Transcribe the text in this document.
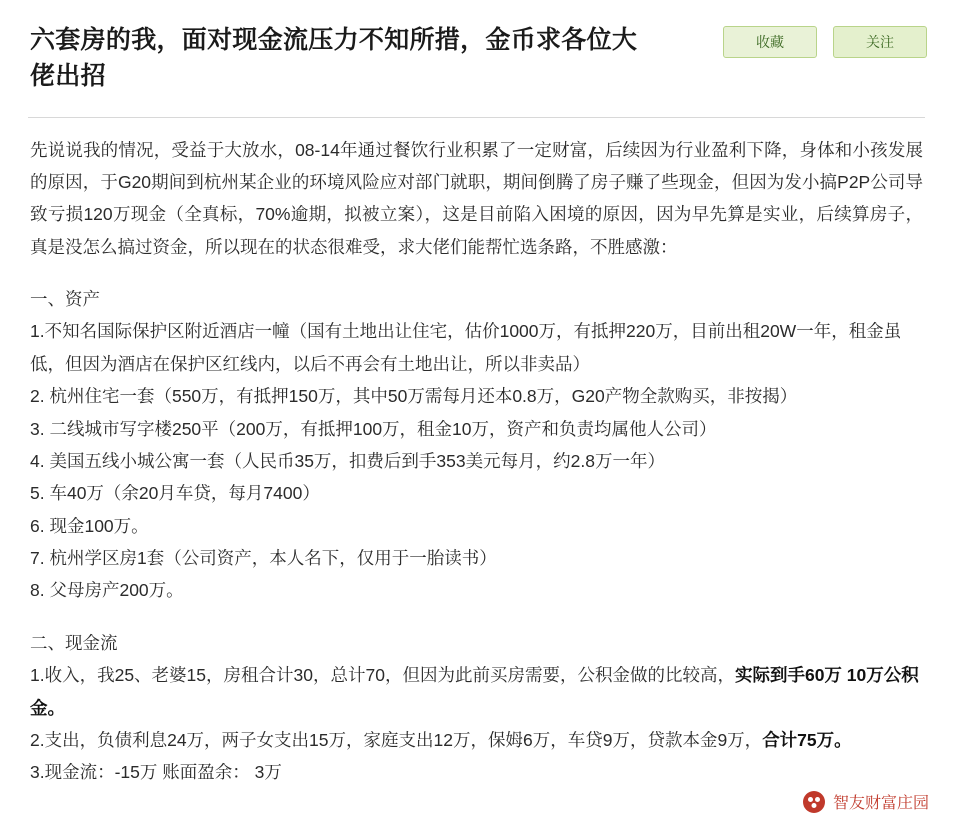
六套房的我，面对现金流压力不知所措，金币求各位大佬出招
收藏	关注

先说说我的情况，受益于大放水，08-14年通过餐饮行业积累了一定财富，后续因为行业盈利下降，身体和小孩发展的原因，于G20期间到杭州某企业的环境风险应对部门就职，期间倒腾了房子赚了些现金，但因为发小搞P2P公司导致亏损120万现金（全真标，70%逾期，拟被立案），这是目前陷入困境的原因，因为早先算是实业，后续算房子，真是没怎么搞过资金，所以现在的状态很难受，求大佬们能帮忙选条路，不胜感激：

一、资产

1.不知名国际保护区附近酒店一幢（国有土地出让住宅，估价1000万，有抵押220万，目前出租20W一年，租金虽低，但因为酒店在保护区红线内，以后不再会有土地出让，所以非卖品）

2. 杭州住宅一套（550万，有抵押150万，其中50万需每月还本0.8万，G20产物全款购买，非按揭）

3. 二线城市写字楼250平（200万，有抵押100万，租金10万，资产和负责均属他人公司）

4. 美国五线小城公寓一套（人民币35万，扣费后到手353美元每月，约2.8万一年）

5. 车40万（余20月车贷，每月7400）

6. 现金100万。

7. 杭州学区房1套（公司资产，本人名下，仅用于一胎读书）

8. 父母房产200万。

二、现金流

1.收入，我25、老婆15，房租合计30，总计70，但因为此前买房需要，公积金做的比较高，实际到手60万 10万公积金。

2.支出，负债利息24万，两子女支出15万，家庭支出12万，保姆6万，车贷9万，贷款本金9万，合计75万。

3.现金流：-15万 账面盈余： 3万

智友财富庄园
